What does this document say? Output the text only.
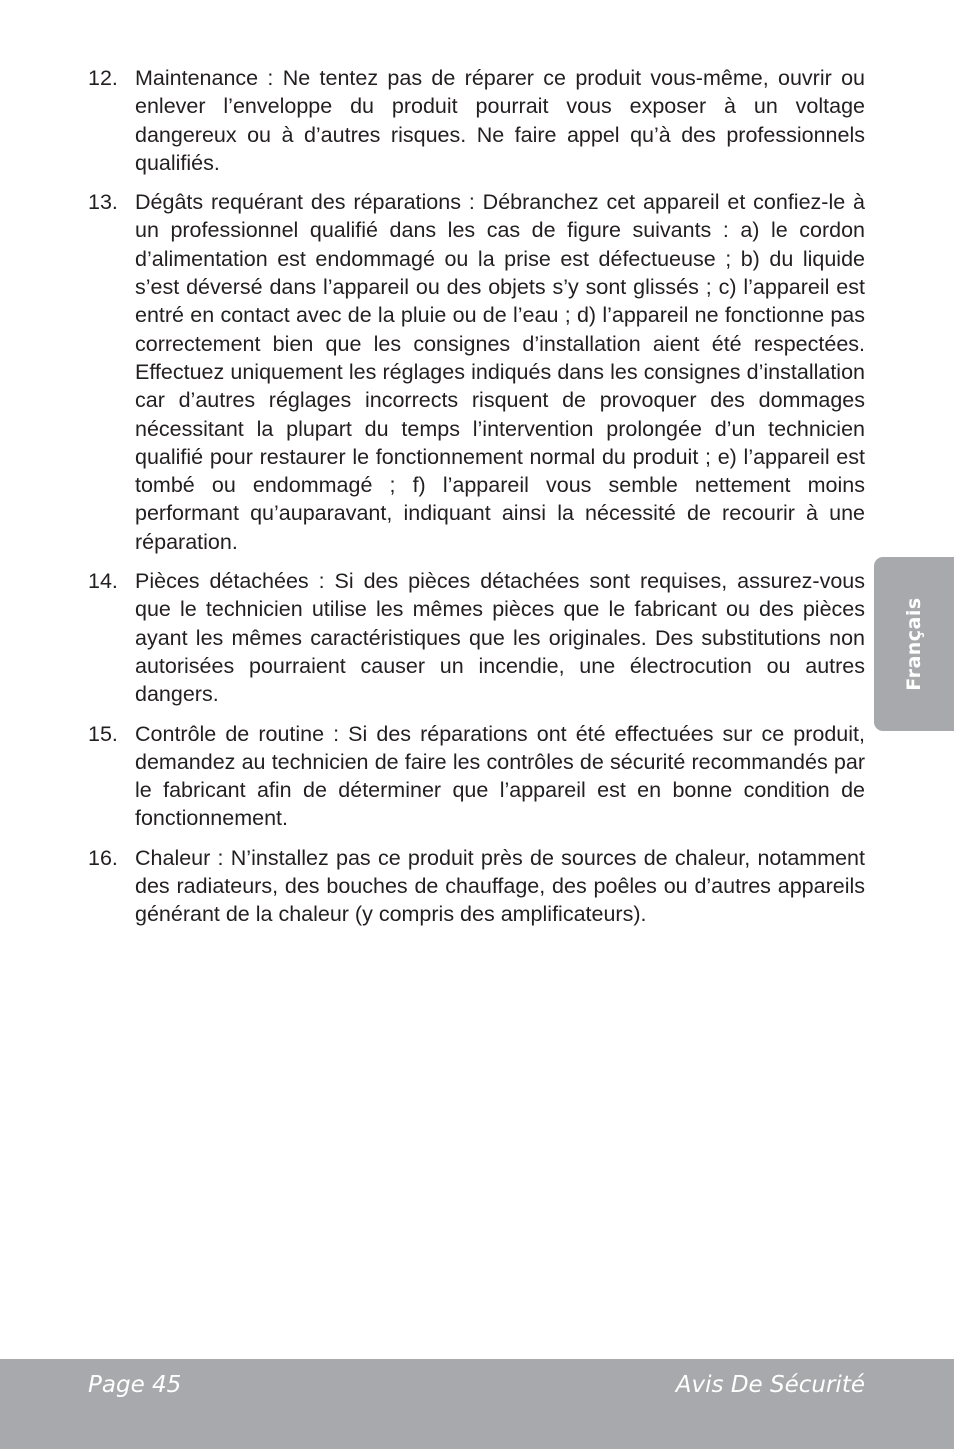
12. Maintenance : Ne tentez pas de réparer ce produit vous-même, ouvrir ou enlever l’enveloppe du produit pourrait vous exposer à un voltage dangereux ou à d’autres risques. Ne faire appel qu’à des professionnels qualifiés.
13. Dégâts requérant des réparations : Débranchez cet appareil et confiez-le à un professionnel qualifié dans les cas de figure suivants : a) le cordon d’alimentation est endommagé ou la prise est défectueuse ; b) du liquide s’est déversé dans l’appareil ou des objets s’y sont glissés ; c) l’appareil est entré en contact avec de la pluie ou de l’eau ; d) l’appareil ne fonctionne pas correctement bien que les consignes d’installation aient été respectées. Effectuez uniquement les réglages indiqués dans les consignes d’installation car d’autres réglages incorrects risquent de provoquer des dommages nécessitant la plupart du temps l’intervention prolongée d’un technicien qualifié pour restaurer le fonctionnement normal du produit ; e) l’appareil est tombé ou endommagé ; f) l’appareil vous semble nettement moins performant qu’auparavant, indiquant ainsi la nécessité de recourir à une réparation.
14. Pièces détachées : Si des pièces détachées sont requises, assurez-vous que le technicien utilise les mêmes pièces que le fabricant ou des pièces ayant les mêmes caractéristiques que les originales. Des substitutions non autorisées pourraient causer un incendie, une électrocution ou autres dangers.
15. Contrôle de routine : Si des réparations ont été effectuées sur ce produit, demandez au technicien de faire les contrôles de sécurité recommandés par le fabricant afin de déterminer que l’appareil est en bonne condition de fonctionnement.
16. Chaleur : N’installez pas ce produit près de sources de chaleur, notamment des radiateurs, des bouches de chauffage, des poêles ou d’autres appareils générant de la chaleur (y compris des amplificateurs).
Français
Page 45	Avis De Sécurité
